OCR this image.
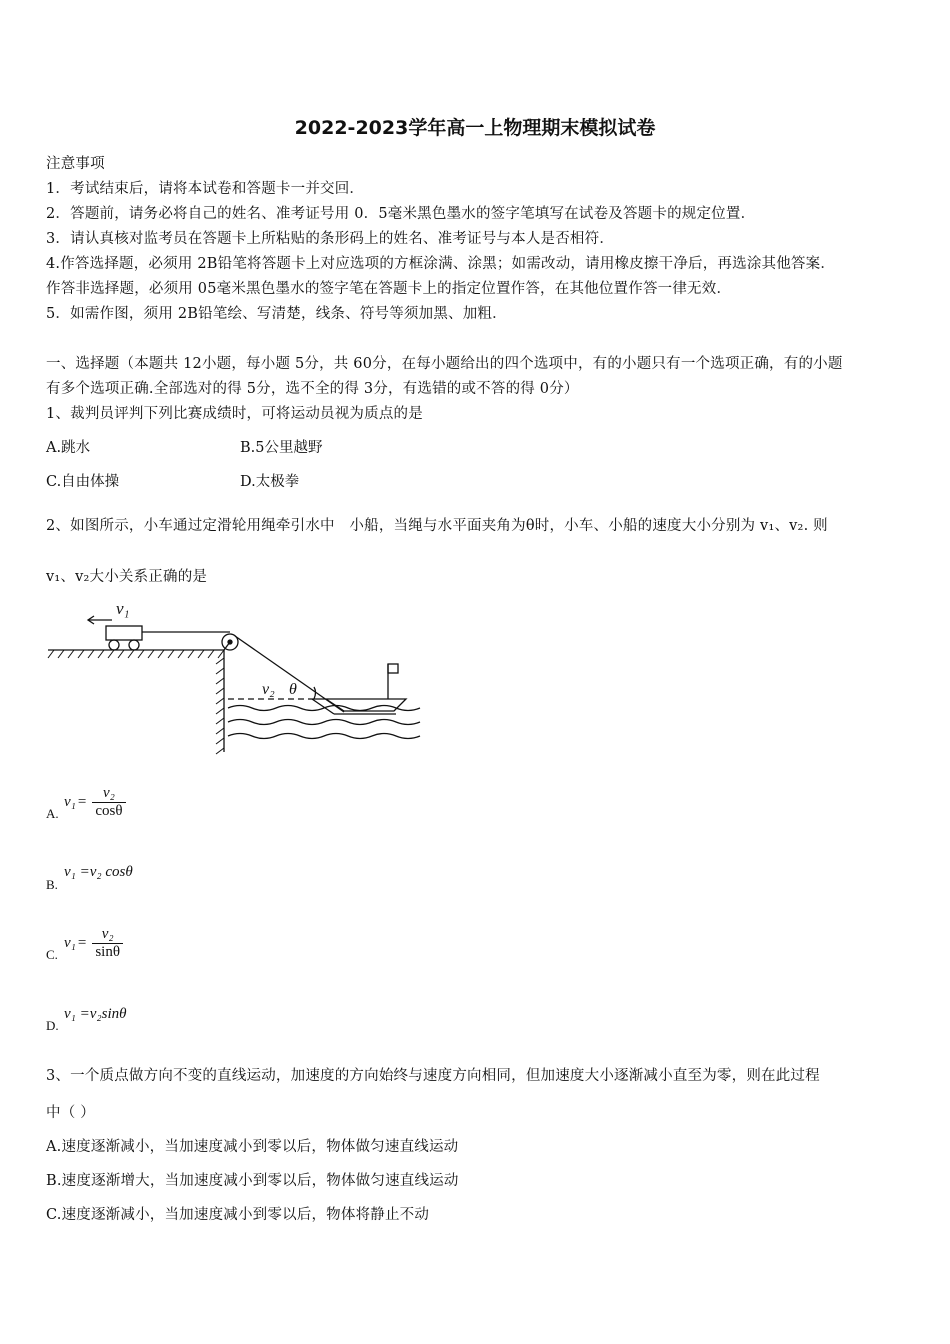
2022-2023学年高一上物理期末模拟试卷
注意事项
1．考试结束后，请将本试卷和答题卡一并交回．
2．答题前，请务必将自己的姓名、准考证号用 0．5毫米黑色墨水的签字笔填写在试卷及答题卡的规定位置．
3．请认真核对监考员在答题卡上所粘贴的条形码上的姓名、准考证号与本人是否相符．
4.作答选择题，必须用 2B铅笔将答题卡上对应选项的方框涂满、涂黑；如需改动，请用橡皮擦干净后，再选涂其他答案．
作答非选择题，必须用 05毫米黑色墨水的签字笔在答题卡上的指定位置作答，在其他位置作答一律无效．
5．如需作图，须用 2B铅笔绘、写清楚，线条、符号等须加黑、加粗．
一、选择题（本题共 12小题，每小题 5分，共 60分，在每小题给出的四个选项中，有的小题只有一个选项正确，有的小题
有多个选项正确.全部选对的得 5分，选不全的得 3分，有选错的或不答的得 0分）
1、裁判员评判下列比赛成绩时，可将运动员视为质点的是
A.跳水	B.5公里越野
C.自由体操	D.太极拳
2、如图所示，小车通过定滑轮用绳牵引水中　小船，当绳与水平面夹角为θ时，小车、小船的速度大小分别为 v₁、v₂. 则
v₁、v₂大小关系正确的是
v₁
v₂ θ
A.
$v_1 = \frac{\text{v₂}}{\cos\theta}$
B.
v₁ =v₂ cosθ
C.
$v_1 = \frac{\text{v₂}}{\sin\theta}$
D.
v₁ =v₂sinθ
3、一个质点做方向不变的直线运动，加速度的方向始终与速度方向相同，但加速度大小逐渐减小直至为零，则在此过程
中（ ）
A.速度逐渐减小，当加速度减小到零以后，物体做匀速直线运动
B.速度逐渐增大，当加速度减小到零以后，物体做匀速直线运动
C.速度逐渐减小，当加速度减小到零以后，物体将静止不动
